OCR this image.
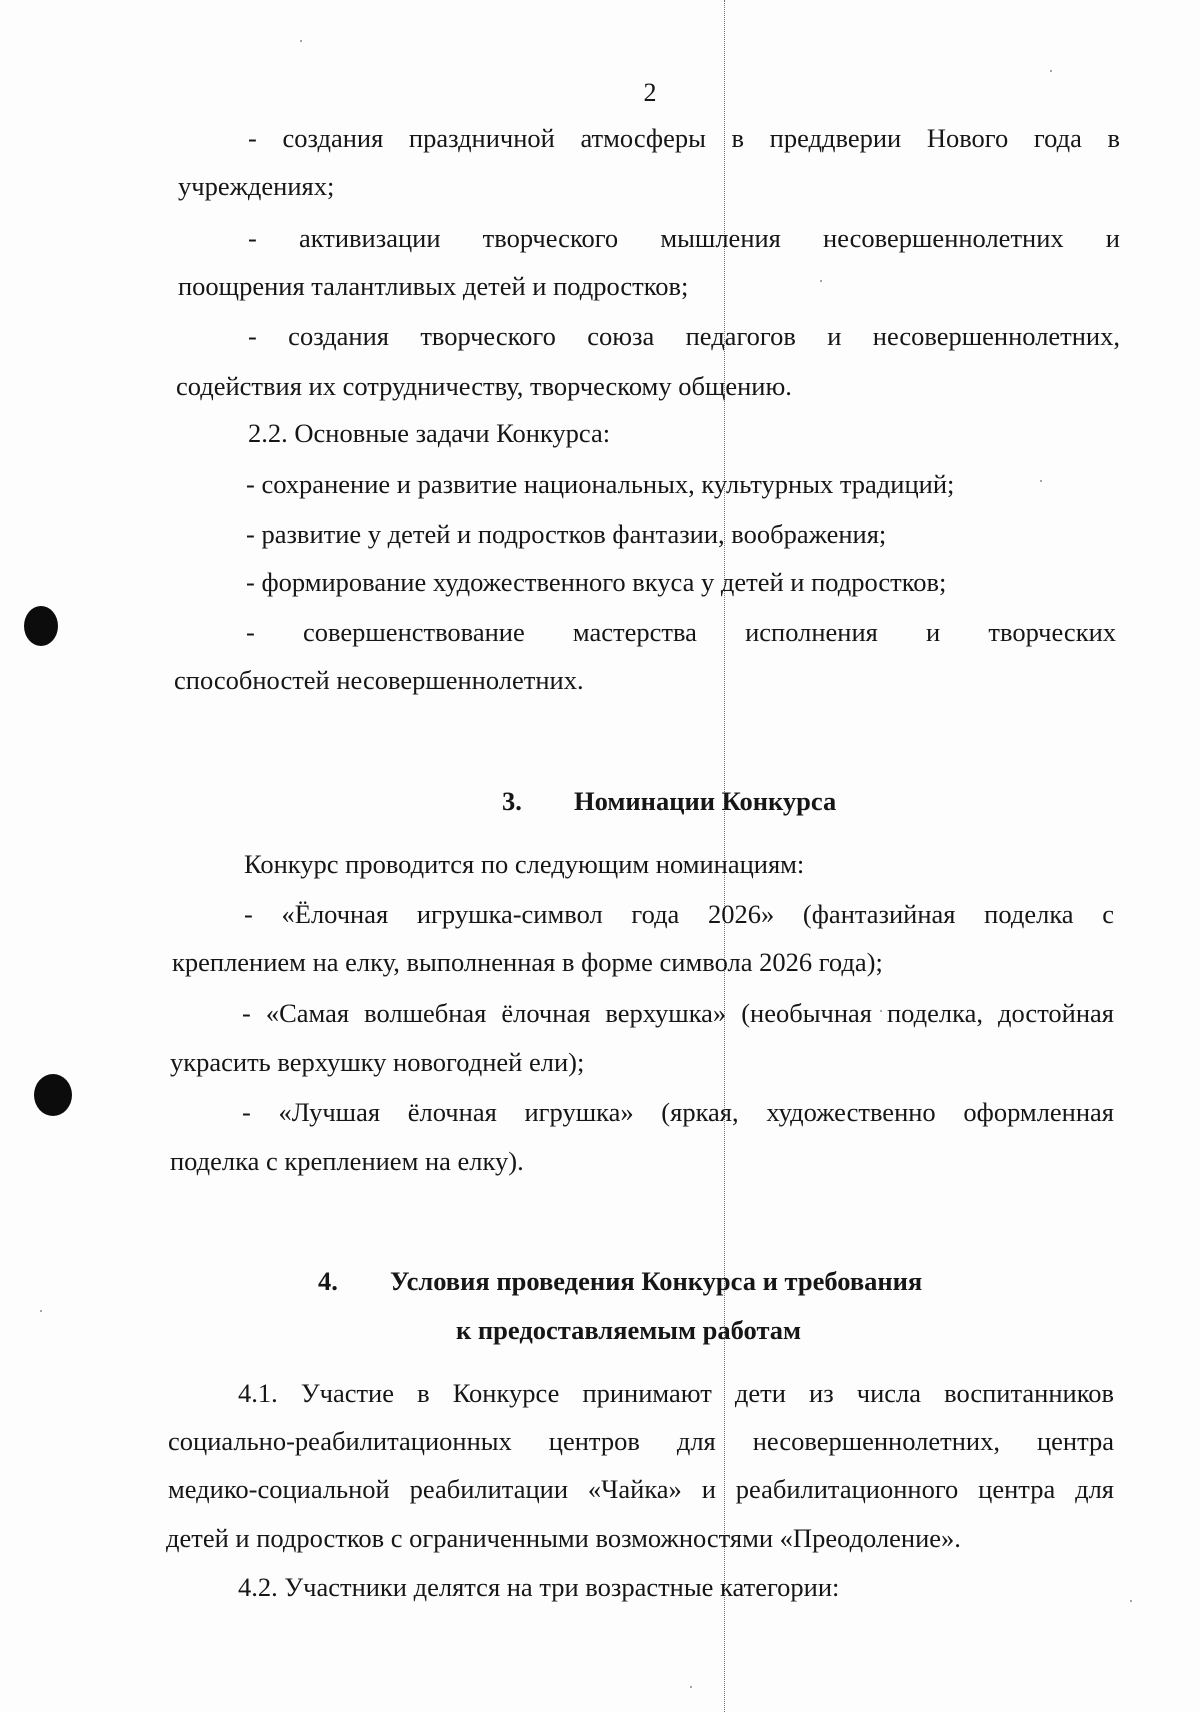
2
- создания праздничной атмосферы в преддверии Нового года в
учреждениях;
- активизации творческого мышления несовершеннолетних и
поощрения талантливых детей и подростков;
- создания творческого союза педагогов и несовершеннолетних,
содействия их сотрудничеству, творческому общению.
2.2. Основные задачи Конкурса:
- сохранение и развитие национальных, культурных традиций;
- развитие у детей и подростков фантазии, воображения;
- формирование художественного вкуса у детей и подростков;
- совершенствование мастерства исполнения и творческих
способностей несовершеннолетних.
3. Номинации Конкурса
Конкурс проводится по следующим номинациям:
- «Ёлочная игрушка-символ года 2026» (фантазийная поделка с
креплением на елку, выполненная в форме символа 2026 года);
- «Самая волшебная ёлочная верхушка» (необычная поделка, достойная
украсить верхушку новогодней ели);
- «Лучшая ёлочная игрушка» (яркая, художественно оформленная
поделка с креплением на елку).
4. Условия проведения Конкурса и требования
к предоставляемым работам
4.1. Участие в Конкурсе принимают дети из числа воспитанников
социально-реабилитационных центров для несовершеннолетних, центра
медико-социальной реабилитации «Чайка» и реабилитационного центра для
детей и подростков с ограниченными возможностями «Преодоление».
4.2. Участники делятся на три возрастные категории:
